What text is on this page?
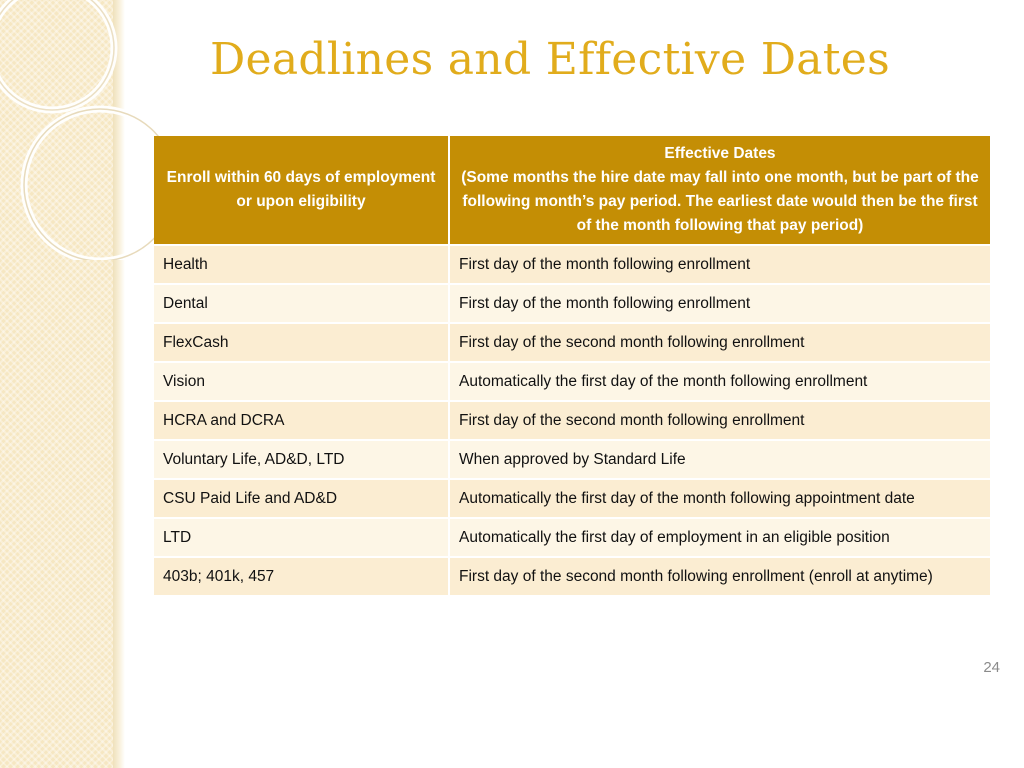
Deadlines and Effective Dates
Enroll within 60 days of employment or upon eligibility	Effective Dates
(Some months the hire date may fall into one month, but be part of the following month’s pay period. The earliest date would then be the first of the month following that pay period)

Health	First day of the month following enrollment
Dental	First day of the month following enrollment
FlexCash	First day of the second month following enrollment
Vision	Automatically the first day of the month following enrollment
HCRA and DCRA	First day of the second month following enrollment
Voluntary Life, AD&D, LTD	When approved by Standard Life
CSU Paid Life and AD&D	Automatically the first day of the month following appointment date
LTD	Automatically the first day of employment in an eligible position
403b; 401k, 457	First day of the second month following enrollment (enroll at anytime)
24
